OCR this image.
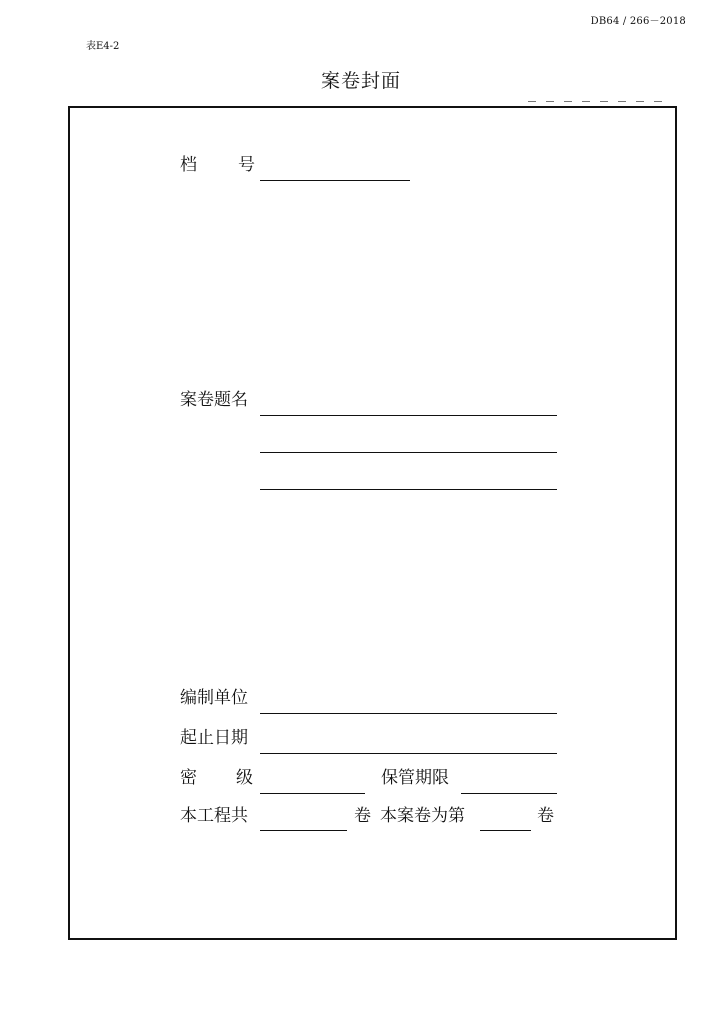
DB64 / 266－2018
表E4-2
案卷封面
档 号
案卷题名
编制单位
起止日期
密 级	保管期限
本工程共	卷 本案卷为第	卷
